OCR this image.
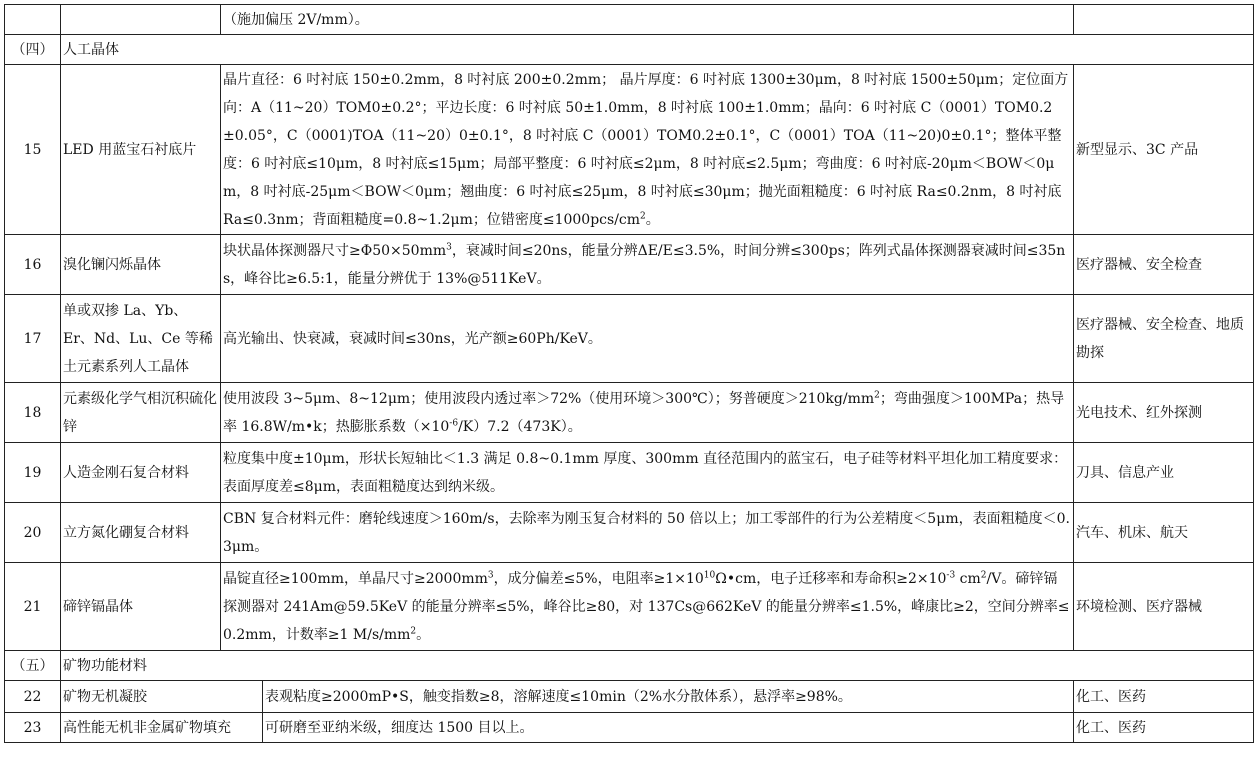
		（施加偏压 2V/mm）。		
（四）	人工晶体			
15	LED 用蓝宝石衬底片	晶片直径：6 吋衬底 150±0.2mm，8 吋衬底 200±0.2mm； 晶片厚度：6 吋衬底 1300±30μm，8 吋衬底 1500±50μm；定位面方向：A（11~20）TOM0±0.2°；平边长度：6 吋衬底 50±1.0mm，8 吋衬底 100±1.0mm；晶向：6 吋衬底 C（0001）TOM0.2±0.05°，C（0001)TOA（11~20）0±0.1°，8 吋衬底 C（0001）TOM0.2±0.1°，C（0001）TOA（11~20)0±0.1°；整体平整度：6 吋衬底≤10μm，8 吋衬底≤15μm；局部平整度：6 吋衬底≤2μm，8 吋衬底≤2.5μm；弯曲度：6 吋衬底-20μm＜BOW＜0μm，8 吋衬底-25μm＜BOW＜0μm；翘曲度：6 吋衬底≤25μm，8 吋衬底≤30μm；抛光面粗糙度：6 吋衬底 Ra≤0.2nm，8 吋衬底 Ra≤0.3nm；背面粗糙度=0.8~1.2μm；位错密度$\le 1000pcs/cm^2$。		新型显示、3C 产品
16	溴化镧闪烁晶体	块状晶体探测器尺寸$\ge\Phi 50\times 50mm^3$，衰减时间≤20ns，能量分辨ΔE/E≤3.5%，时间分辨≤300ps；阵列式晶体探测器衰减时间≤35ns，峰谷比≥6.5:1，能量分辨优于 13%@511KeV。		医疗器械、安全检查
17	单或双掺 La、Yb、Er、Nd、Lu、Ce 等稀土元素系列人工晶体	高光输出、快衰减，衰减时间≤30ns，光产额≥60Ph/KeV。		医疗器械、安全检查、地质勘探
18	元素级化学气相沉积硫化锌	使用波段 3~5μm、8~12μm；使用波段内透过率＞72%（使用环境＞300℃）；努普硬度$>210kg/mm^2$；弯曲强度＞100MPa；热导率 16.8W/m•k；热膨胀系数$(\times 10^{-6}/K)7.2(473K)$。		光电技术、红外探测
19	人造金刚石复合材料	粒度集中度±10μm，形状长短轴比＜1.3 满足 0.8~0.1mm 厚度、300mm 直径范围内的蓝宝石，电子硅等材料平坦化加工精度要求：表面厚度差≤8μm，表面粗糙度达到纳米级。		刀具、信息产业
20	立方氮化硼复合材料	CBN 复合材料元件：磨轮线速度＞160m/s，去除率为刚玉复合材料的 50 倍以上；加工零部件的行为公差精度＜5μm，表面粗糙度＜0.3μm。		汽车、机床、航天
21	碲锌镉晶体	晶锭直径≥100mm，单晶尺寸$\ge 2000mm^3$，成分偏差≤5%，电阻率$\ge 1\times 10^{10}\Omega•cm$，电子迁移率和寿命积$\ge 2\times 10^{-3}$ $cm^2/V$。碲锌镉探测器对 241Am@59.5KeV 的能量分辨率≤5%，峰谷比≥80，对 137Cs@662KeV 的能量分辨率≤1.5%，峰康比≥2，空间分辨率≤0.2mm，计数率≥1 $M/s/mm^2$。		环境检测、医疗器械
（五）	矿物功能材料			
22	矿物无机凝胶		表观粘度≥2000mP•S，触变指数≥8，溶解速度≤10min（2%水分散体系），悬浮率≥98%。	化工、医药
23	高性能无机非金属矿物填充		可研磨至亚纳米级，细度达 1500 目以上。	化工、医药
